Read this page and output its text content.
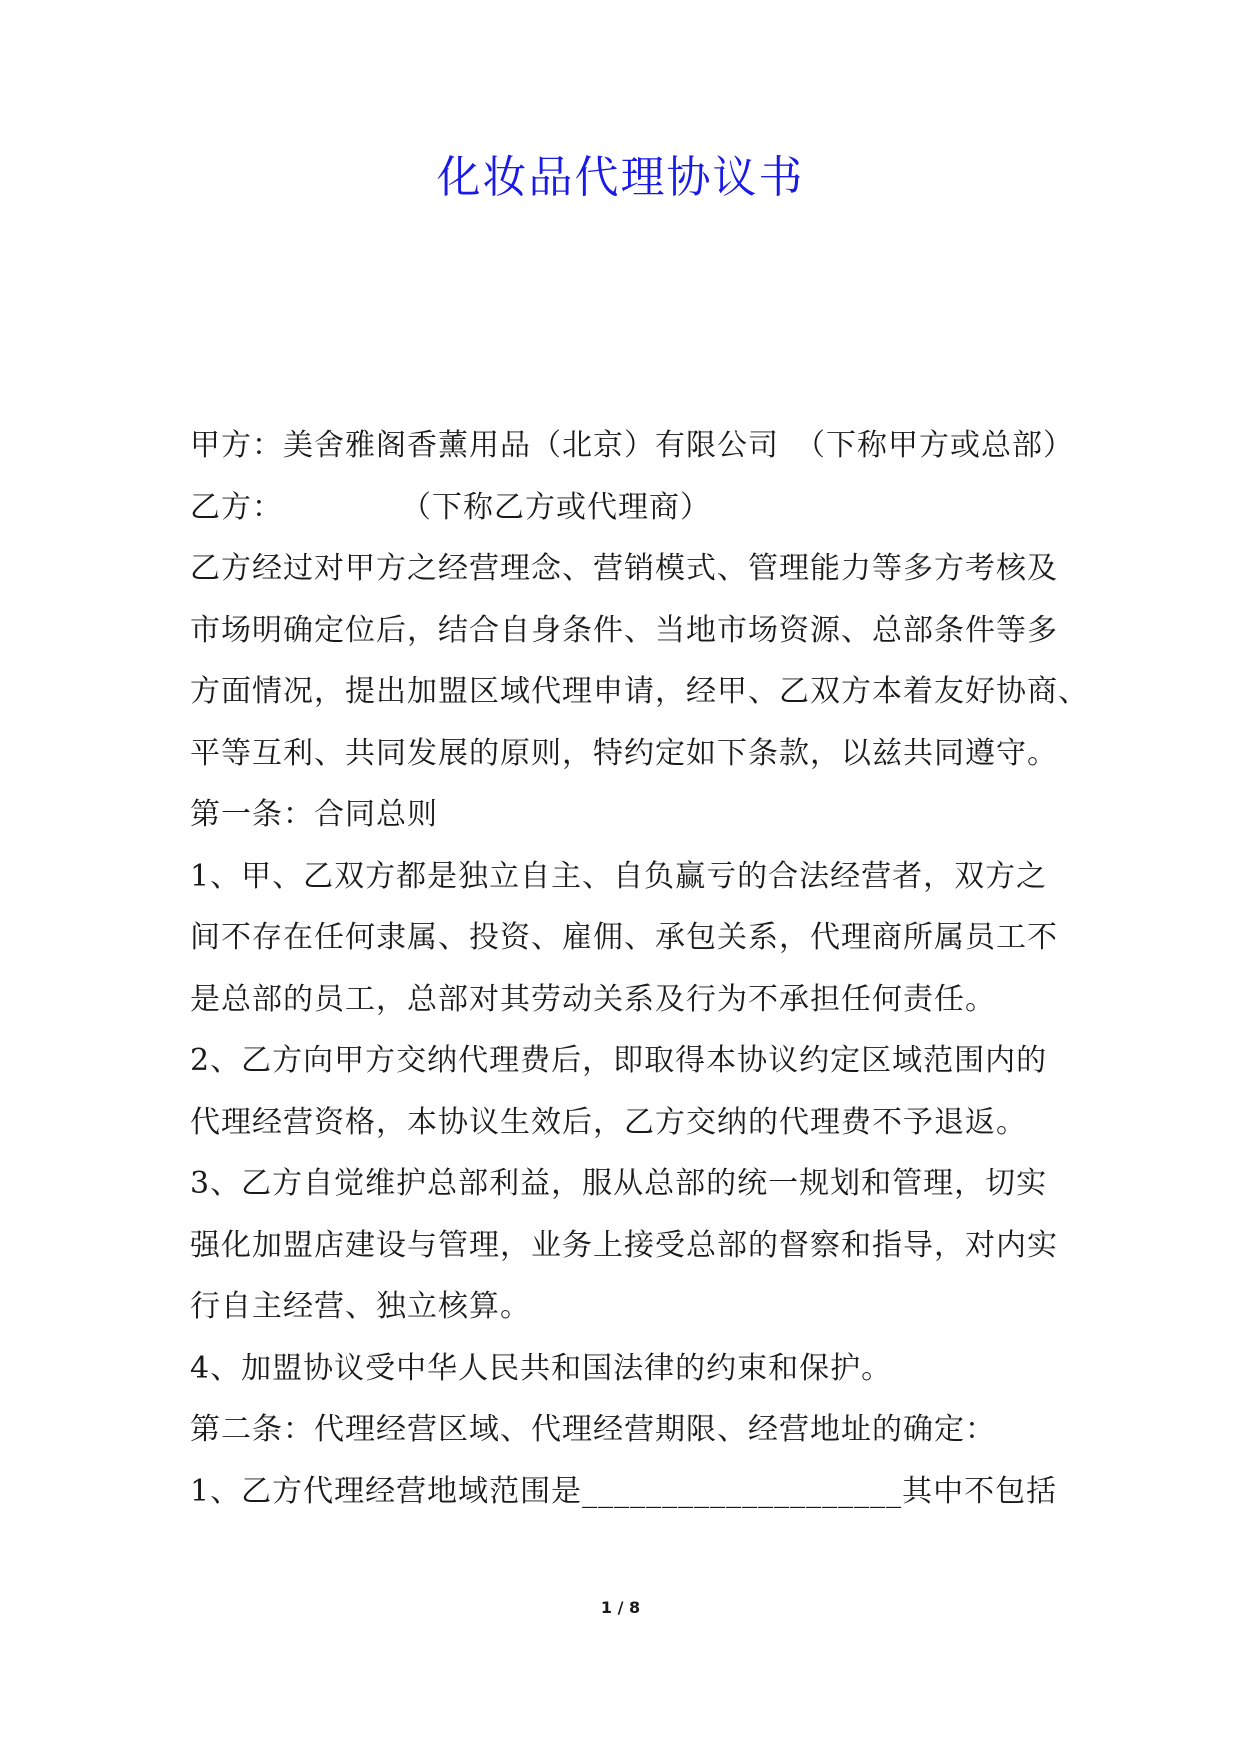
化妆品代理协议书

甲方：美舍雅阁香薰用品（北京）有限公司　（下称甲方或总部）

乙方：	（下称乙方或代理商）

乙方经过对甲方之经营理念、营销模式、管理能力等多方考核及

市场明确定位后，结合自身条件、当地市场资源、总部条件等多

方面情况，提出加盟区域代理申请，经甲、乙双方本着友好协商、

平等互利、共同发展的原则，特约定如下条款，以兹共同遵守。

第一条：合同总则

1、甲、乙双方都是独立自主、自负赢亏的合法经营者，双方之

间不存在任何隶属、投资、雇佣、承包关系，代理商所属员工不

是总部的员工，总部对其劳动关系及行为不承担任何责任。

2、乙方向甲方交纳代理费后，即取得本协议约定区域范围内的

代理经营资格，本协议生效后，乙方交纳的代理费不予退返。

3、乙方自觉维护总部利益，服从总部的统一规划和管理，切实

强化加盟店建设与管理，业务上接受总部的督察和指导，对内实

行自主经营、独立核算。

4、加盟协议受中华人民共和国法律的约束和保护。

第二条：代理经营区域、代理经营期限、经营地址的确定：

1、乙方代理经营地域范围是____________________其中不包括

1 / 8
